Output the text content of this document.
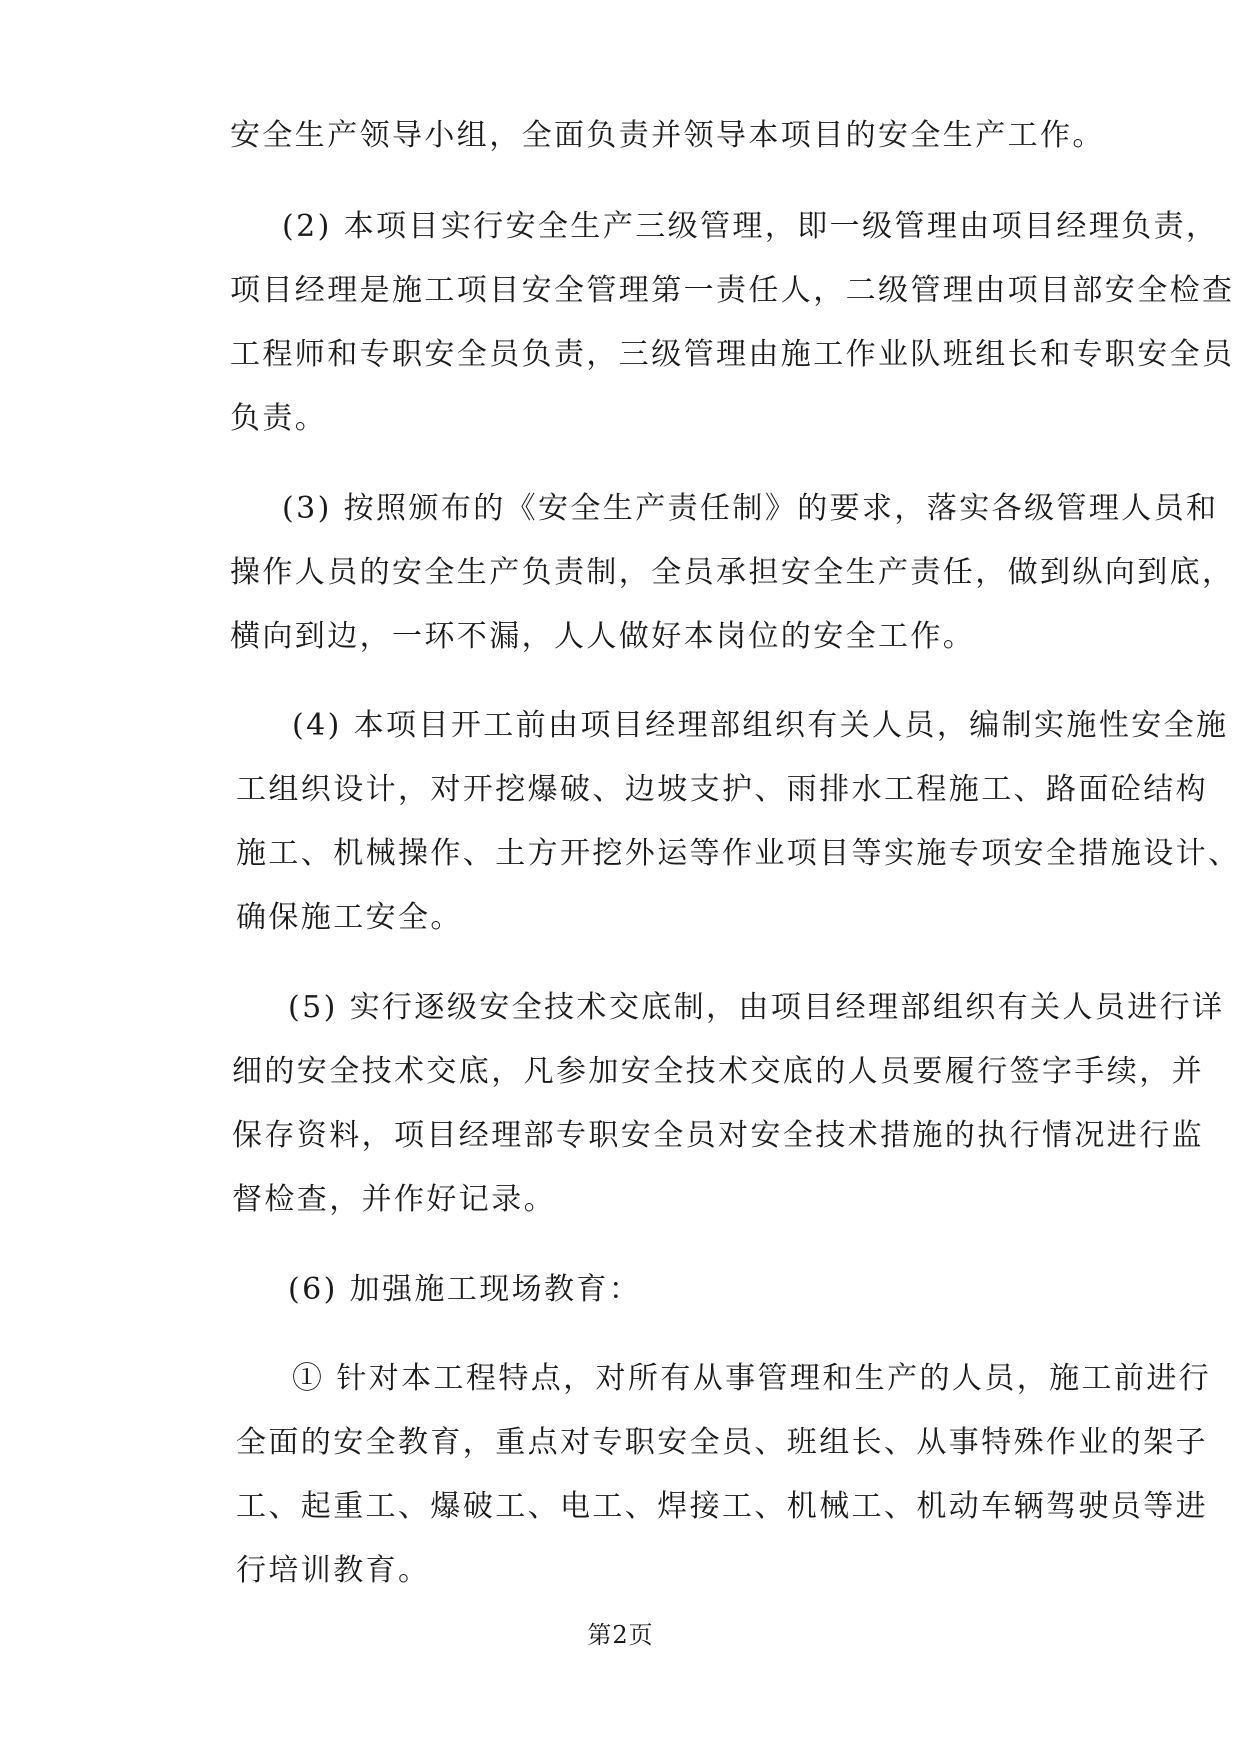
安全生产领导小组，全面负责并领导本项目的安全生产工作。
(2) 本项目实行安全生产三级管理，即一级管理由项目经理负责，
项目经理是施工项目安全管理第一责任人，二级管理由项目部安全检查
工程师和专职安全员负责，三级管理由施工作业队班组长和专职安全员
负责。
(3) 按照颁布的《安全生产责任制》的要求，落实各级管理人员和
操作人员的安全生产负责制，全员承担安全生产责任，做到纵向到底，
横向到边，一环不漏，人人做好本岗位的安全工作。
(4) 本项目开工前由项目经理部组织有关人员，编制实施性安全施
工组织设计，对开挖爆破、边坡支护、雨排水工程施工、路面砼结构
施工、机械操作、土方开挖外运等作业项目等实施专项安全措施设计、
确保施工安全。
(5) 实行逐级安全技术交底制，由项目经理部组织有关人员进行详
细的安全技术交底，凡参加安全技术交底的人员要履行签字手续，并
保存资料，项目经理部专职安全员对安全技术措施的执行情况进行监
督检查，并作好记录。
(6) 加强施工现场教育：
① 针对本工程特点，对所有从事管理和生产的人员，施工前进行
全面的安全教育，重点对专职安全员、班组长、从事特殊作业的架子
工、起重工、爆破工、电工、焊接工、机械工、机动车辆驾驶员等进
行培训教育。
第2页
